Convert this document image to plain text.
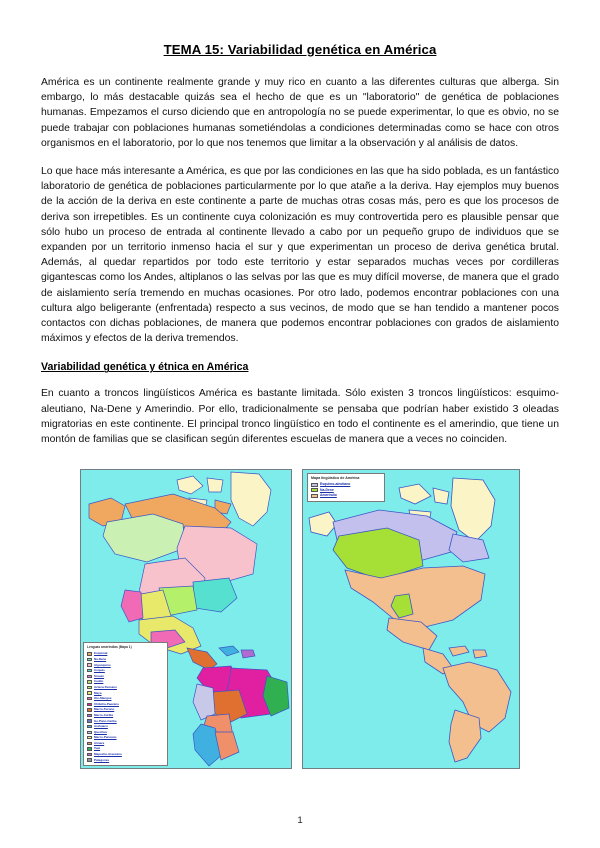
TEMA 15: Variabilidad genética en América

América es un continente realmente grande y muy rico en cuanto a las diferentes culturas que alberga. Sin embargo, lo más destacable quizás sea el hecho de que es un "laboratorio" de genética de poblaciones humanas. Empezamos el curso diciendo que en antropología no se puede experimentar, lo que es obvio, no se puede trabajar con poblaciones humanas sometiéndolas a condiciones determinadas como se hace con otros organismos en el laboratorio, por lo que nos tenemos que limitar a la observación y al análisis de datos.

Lo que hace más interesante a América, es que por las condiciones en las que ha sido poblada, es un fantástico laboratorio de genética de poblaciones particularmente por lo que atañe a la deriva. Hay ejemplos muy buenos de la acción de la deriva en este continente a parte de muchas otras cosas más, pero es que los procesos de deriva son irrepetibles. Es un continente cuya colonización es muy controvertida pero es plausible pensar que sólo hubo un proceso de entrada al continente llevado a cabo por un pequeño grupo de individuos que se expanden por un territorio inmenso hacia el sur y que experimentan un proceso de deriva genética brutal. Además, al quedar repartidos por todo este territorio y estar separados muchas veces por cordilleras gigantescas como los Andes, altiplanos o las selvas por las que es muy difícil moverse, de manera que el grado de aislamiento sería tremendo en muchas ocasiones. Por otro lado, podemos encontrar poblaciones con una cultura algo beligerante (enfrentada) respecto a sus vecinos, de modo que se han tendido a mantener pocos contactos con dichas poblaciones, de manera que podemos encontrar poblaciones con grados de aislamiento máximos y efectos de la deriva tremendos.

Variabilidad genética y étnica en América

En cuanto a troncos lingüísticos América es bastante limitada. Sólo existen 3 troncos lingüísticos: esquimo-aleutiano, Na-Dene y Amerindio. Por ello, tradicionalmente se pensaba que podrían haber existido 3 oleadas migratorias en este continente. El principal tronco lingüístico en todo el continente es el amerindio, que tiene un montón de familias que se clasifican según diferentes escuelas de manera que a veces no coinciden.

Lenguas amerindias (Mapa 1)
Esquimal
Na-Dene
Algonquino
Iroqués
Siouan
Caddo
Azteca-Tanoano
Maya
Oto-Mangue
Chibcha-Paezano
Macro-Tucano
Macro-Caribe
Ge-Pano-Caribe
Arahuaco
Quechua
Macro-Panoano
Aimara
Tupi
Mapuche-Araucano
Patagones
Mapa lingüístico de América
Esquimo-aleutiano
Na-Dene
Amerindio
1
